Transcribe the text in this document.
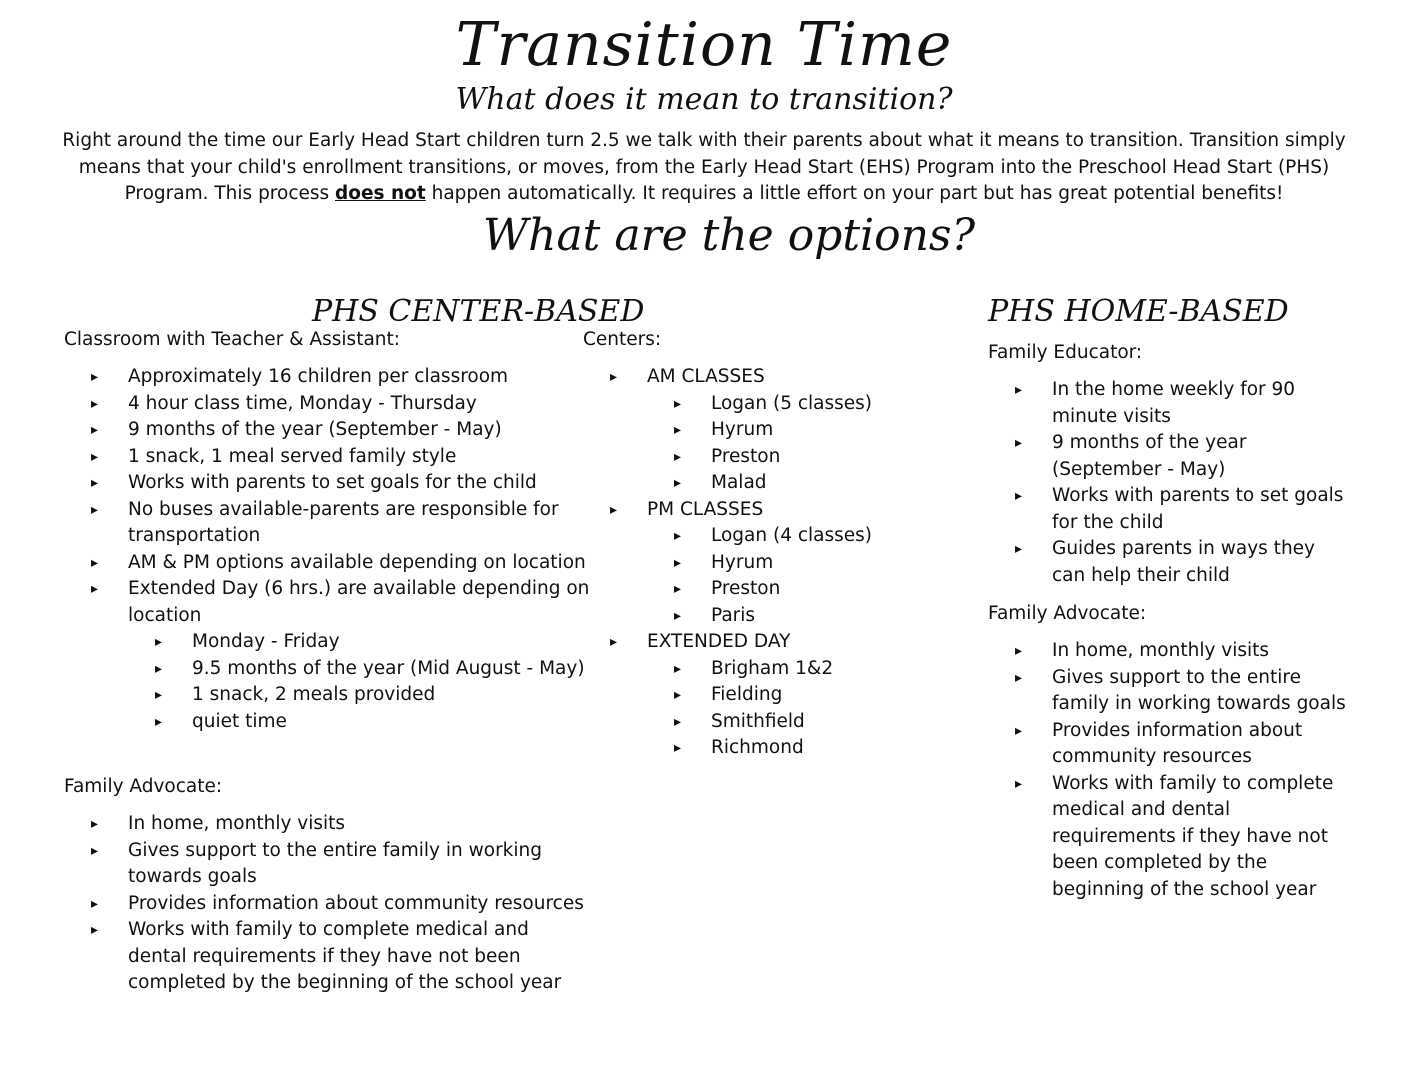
Transition Time
What does it mean to transition?
Right around the time our Early Head Start children turn 2.5 we talk with their parents about what it means to transition. Transition simply means that your child's enrollment transitions, or moves, from the Early Head Start (EHS) Program into the Preschool Head Start (PHS) Program. This process does not happen automatically. It requires a little effort on your part but has great potential benefits!
What are the options?
PHS CENTER-BASED
Classroom with Teacher & Assistant:
▸ Approximately 16 children per classroom
▸ 4 hour class time, Monday - Thursday
▸ 9 months of the year (September - May)
▸ 1 snack, 1 meal served family style
▸ Works with parents to set goals for the child
▸ No buses available-parents are responsible for transportation
▸ AM & PM options available depending on location
▸ Extended Day (6 hrs.) are available depending on location
▸ Monday - Friday
▸ 9.5 months of the year (Mid August - May)
▸ 1 snack, 2 meals provided
▸ quiet time
Family Advocate:
▸ In home, monthly visits
▸ Gives support to the entire family in working towards goals
▸ Provides information about community resources
▸ Works with family to complete medical and dental requirements if they have not been completed by the beginning of the school year
Centers:
▸ AM CLASSES
▸ Logan (5 classes)
▸ Hyrum
▸ Preston
▸ Malad
▸ PM CLASSES
▸ Logan (4 classes)
▸ Hyrum
▸ Preston
▸ Paris
▸ EXTENDED DAY
▸ Brigham 1&2
▸ Fielding
▸ Smithfield
▸ Richmond
PHS HOME-BASED
Family Educator:
▸ In the home weekly for 90 minute visits
▸ 9 months of the year (September - May)
▸ Works with parents to set goals for the child
▸ Guides parents in ways they can help their child
Family Advocate:
▸ In home, monthly visits
▸ Gives support to the entire family in working towards goals
▸ Provides information about community resources
▸ Works with family to complete medical and dental requirements if they have not been completed by the beginning of the school year
